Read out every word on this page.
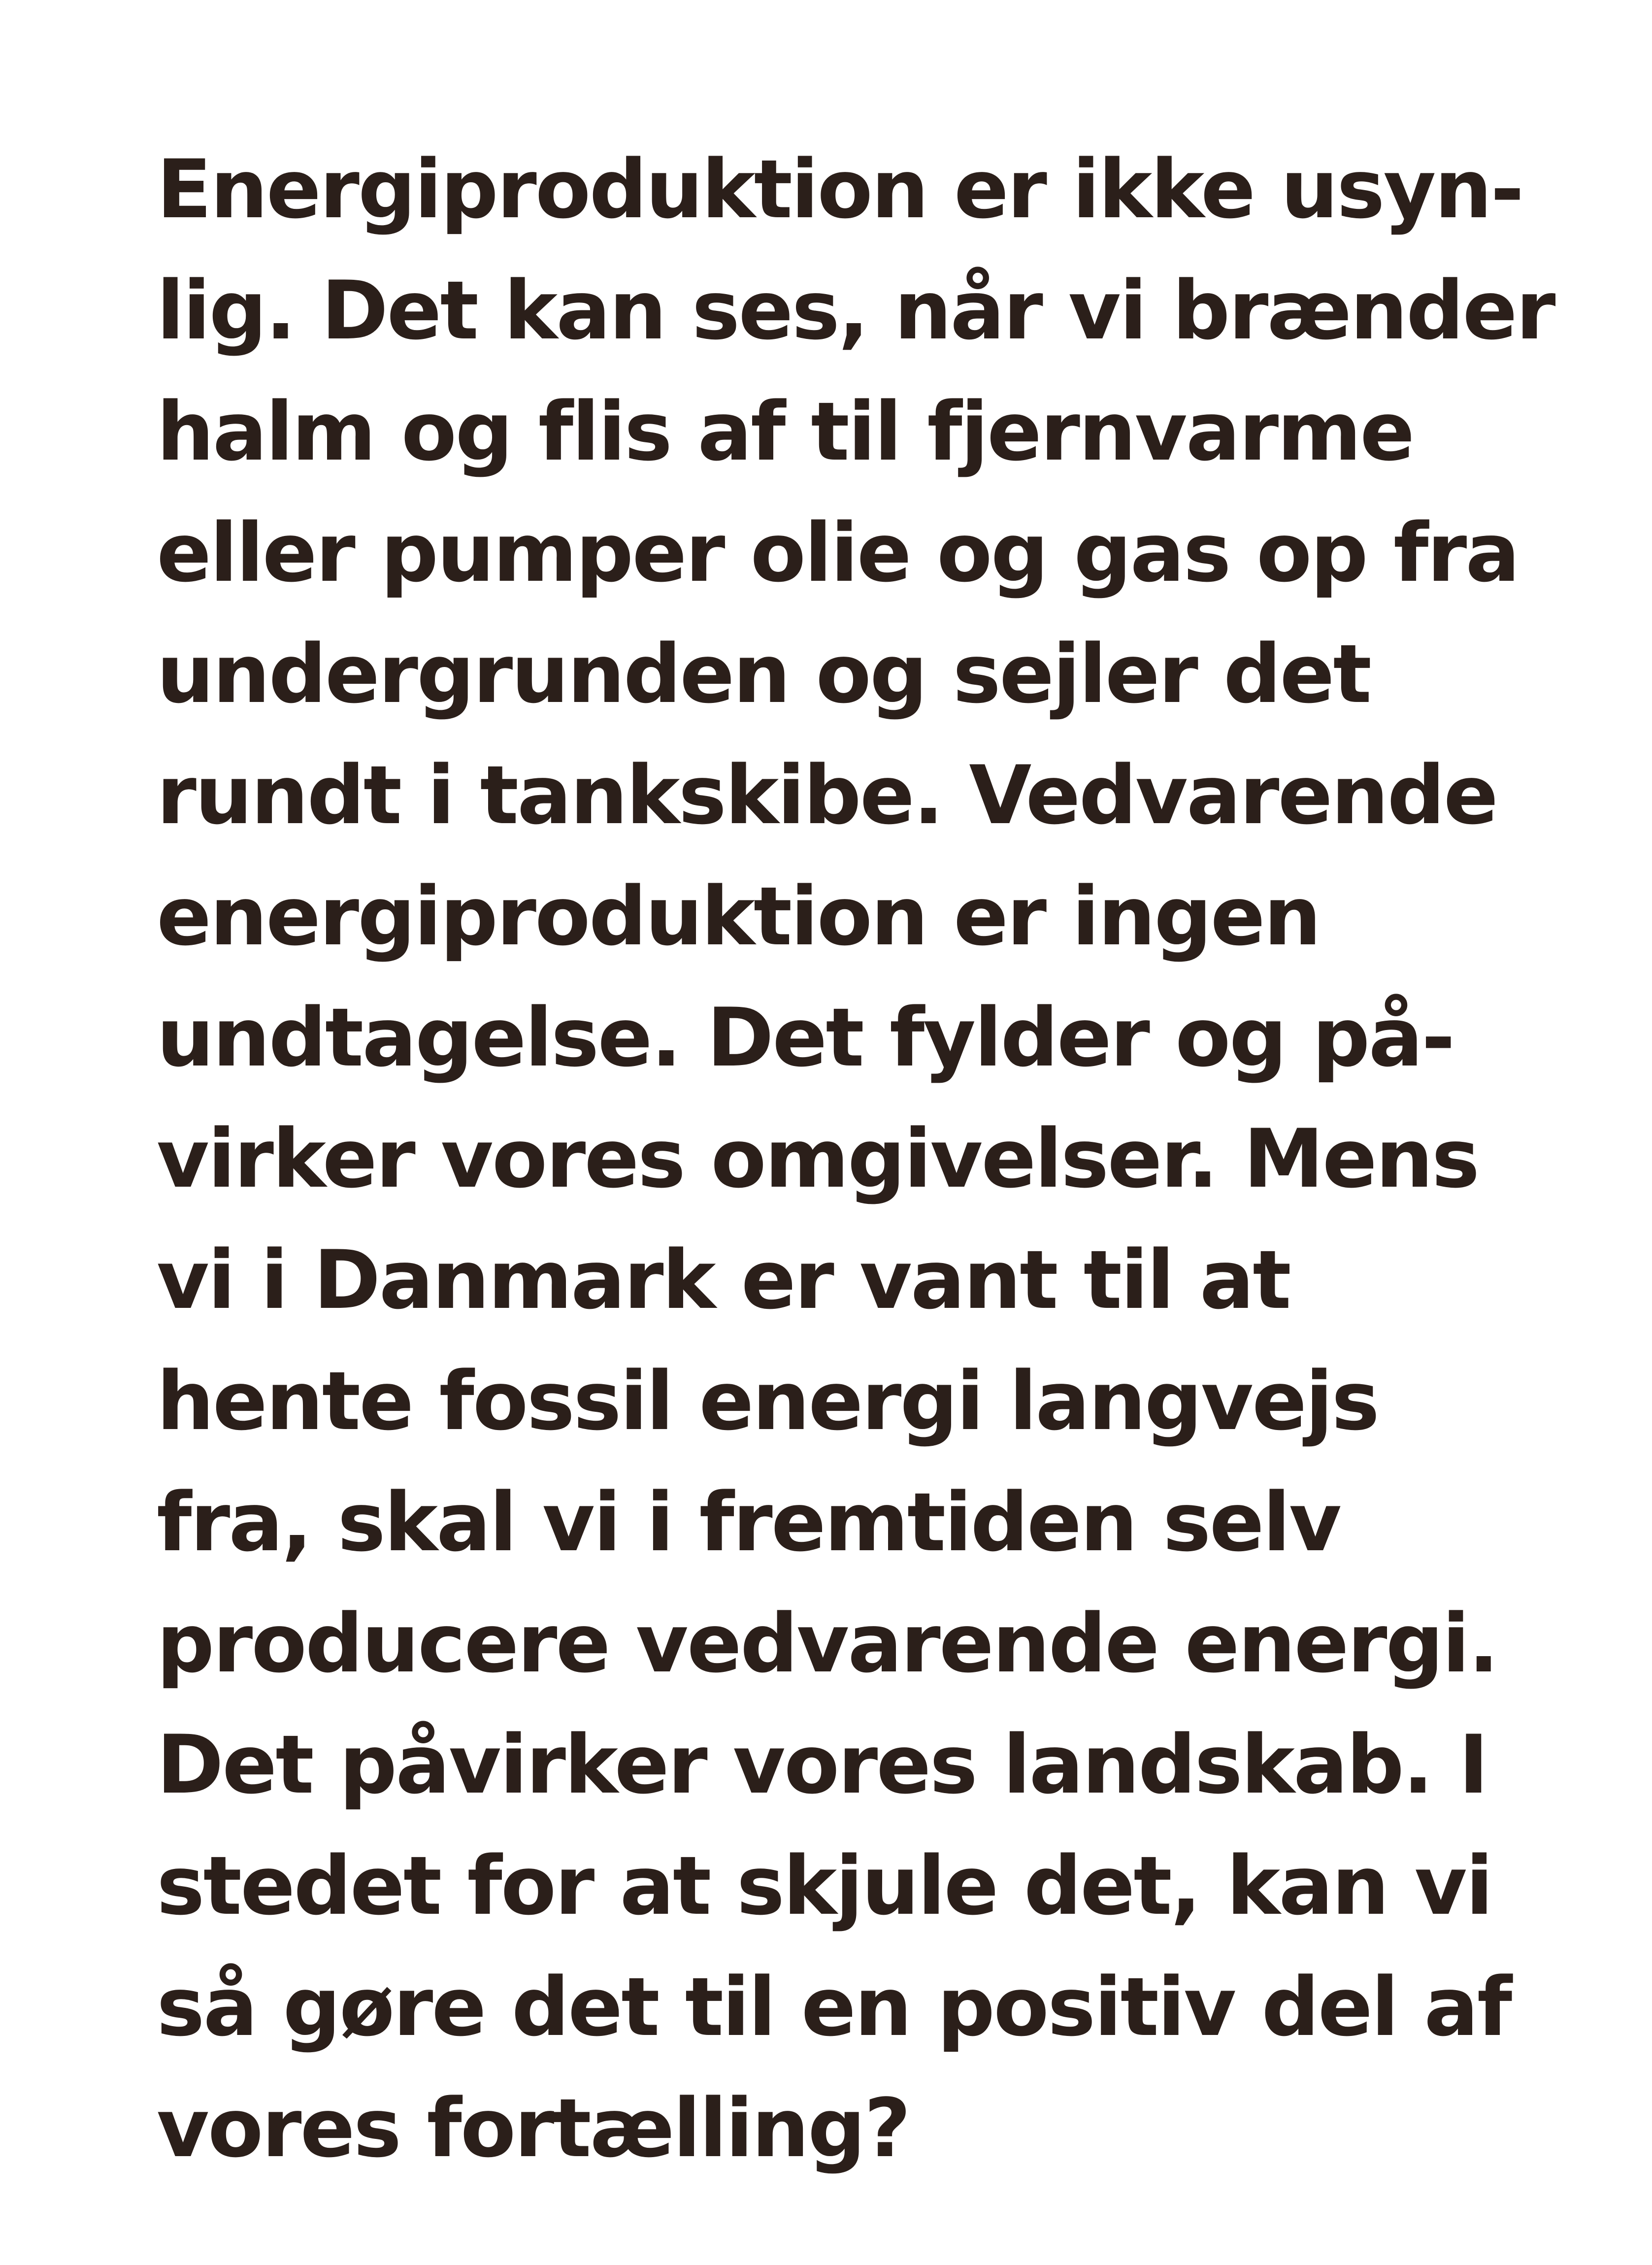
Energiproduktion er ikke usyn-
lig. Det kan ses, når vi brænder
halm og flis af til fjernvarme
eller pumper olie og gas op fra
undergrunden og sejler det
rundt i tankskibe. Vedvarende
energiproduktion er ingen
undtagelse. Det fylder og på-
virker vores omgivelser. Mens
vi i Danmark er vant til at
hente fossil energi langvejs
fra, skal vi i fremtiden selv
producere vedvarende energi.
Det påvirker vores landskab. I
stedet for at skjule det, kan vi
så gøre det til en positiv del af
vores fortælling?
